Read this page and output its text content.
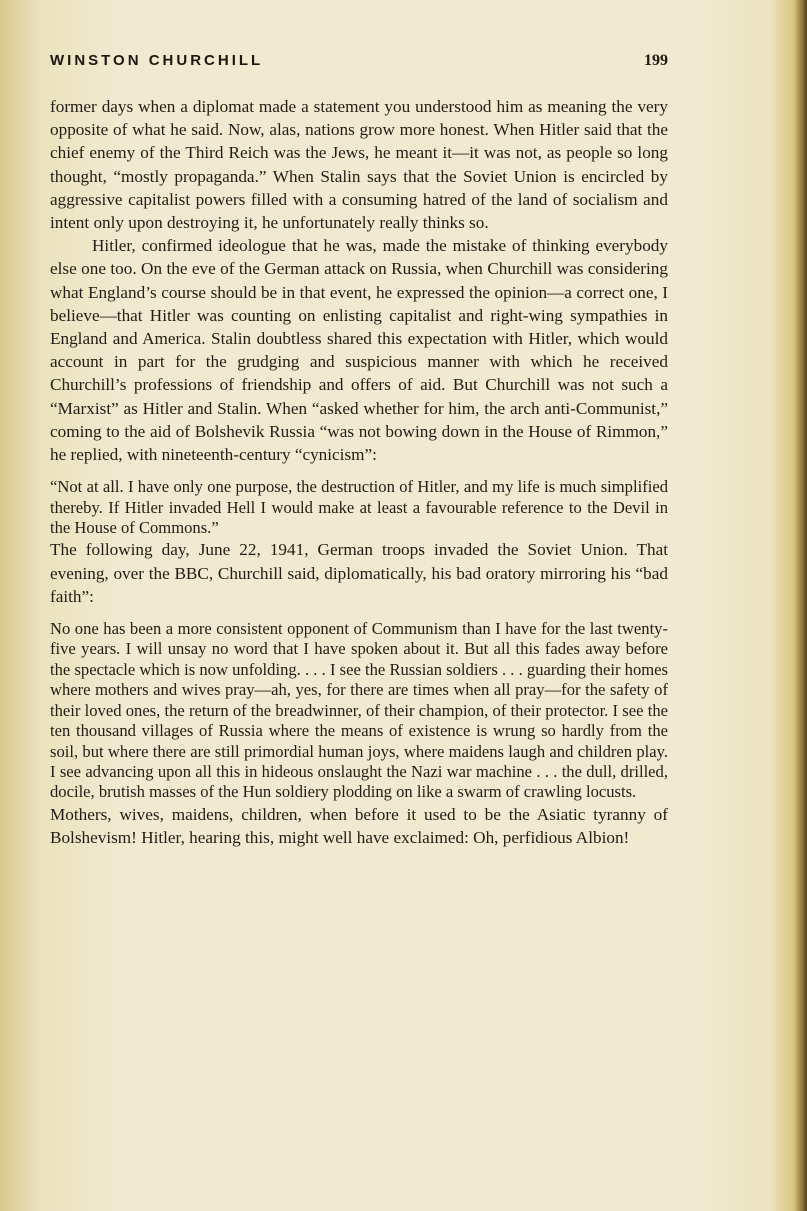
WINSTON CHURCHILL	199

former days when a diplomat made a statement you understood him as meaning the very opposite of what he said. Now, alas, nations grow more honest. When Hitler said that the chief enemy of the Third Reich was the Jews, he meant it—it was not, as people so long thought, “mostly propaganda.” When Stalin says that the Soviet Union is encircled by aggressive capitalist powers filled with a consuming hatred of the land of socialism and intent only upon destroying it, he unfortunately really thinks so.

Hitler, confirmed ideologue that he was, made the mistake of thinking everybody else one too. On the eve of the German attack on Russia, when Churchill was considering what England’s course should be in that event, he expressed the opinion—a correct one, I believe—that Hitler was counting on enlisting capitalist and right-wing sympathies in England and America. Stalin doubtless shared this expectation with Hitler, which would account in part for the grudging and suspicious manner with which he received Churchill’s professions of friendship and offers of aid. But Churchill was not such a “Marxist” as Hitler and Stalin. When “asked whether for him, the arch anti-Communist,” coming to the aid of Bolshevik Russia “was not bowing down in the House of Rimmon,” he replied, with nineteenth-century “cynicism”:

“Not at all. I have only one purpose, the destruction of Hitler, and my life is much simplified thereby. If Hitler invaded Hell I would make at least a favourable reference to the Devil in the House of Commons.”

The following day, June 22, 1941, German troops invaded the Soviet Union. That evening, over the BBC, Churchill said, diplomatically, his bad oratory mirroring his “bad faith”:

No one has been a more consistent opponent of Communism than I have for the last twenty-five years. I will unsay no word that I have spoken about it. But all this fades away before the spectacle which is now unfolding. . . . I see the Russian soldiers . . . guarding their homes where mothers and wives pray—ah, yes, for there are times when all pray—for the safety of their loved ones, the return of the breadwinner, of their champion, of their protector. I see the ten thousand villages of Russia where the means of existence is wrung so hardly from the soil, but where there are still primordial human joys, where maidens laugh and children play. I see advancing upon all this in hideous onslaught the Nazi war machine . . . the dull, drilled, docile, brutish masses of the Hun soldiery plodding on like a swarm of crawling locusts.

Mothers, wives, maidens, children, when before it used to be the Asiatic tyranny of Bolshevism! Hitler, hearing this, might well have exclaimed: Oh, perfidious Albion!
